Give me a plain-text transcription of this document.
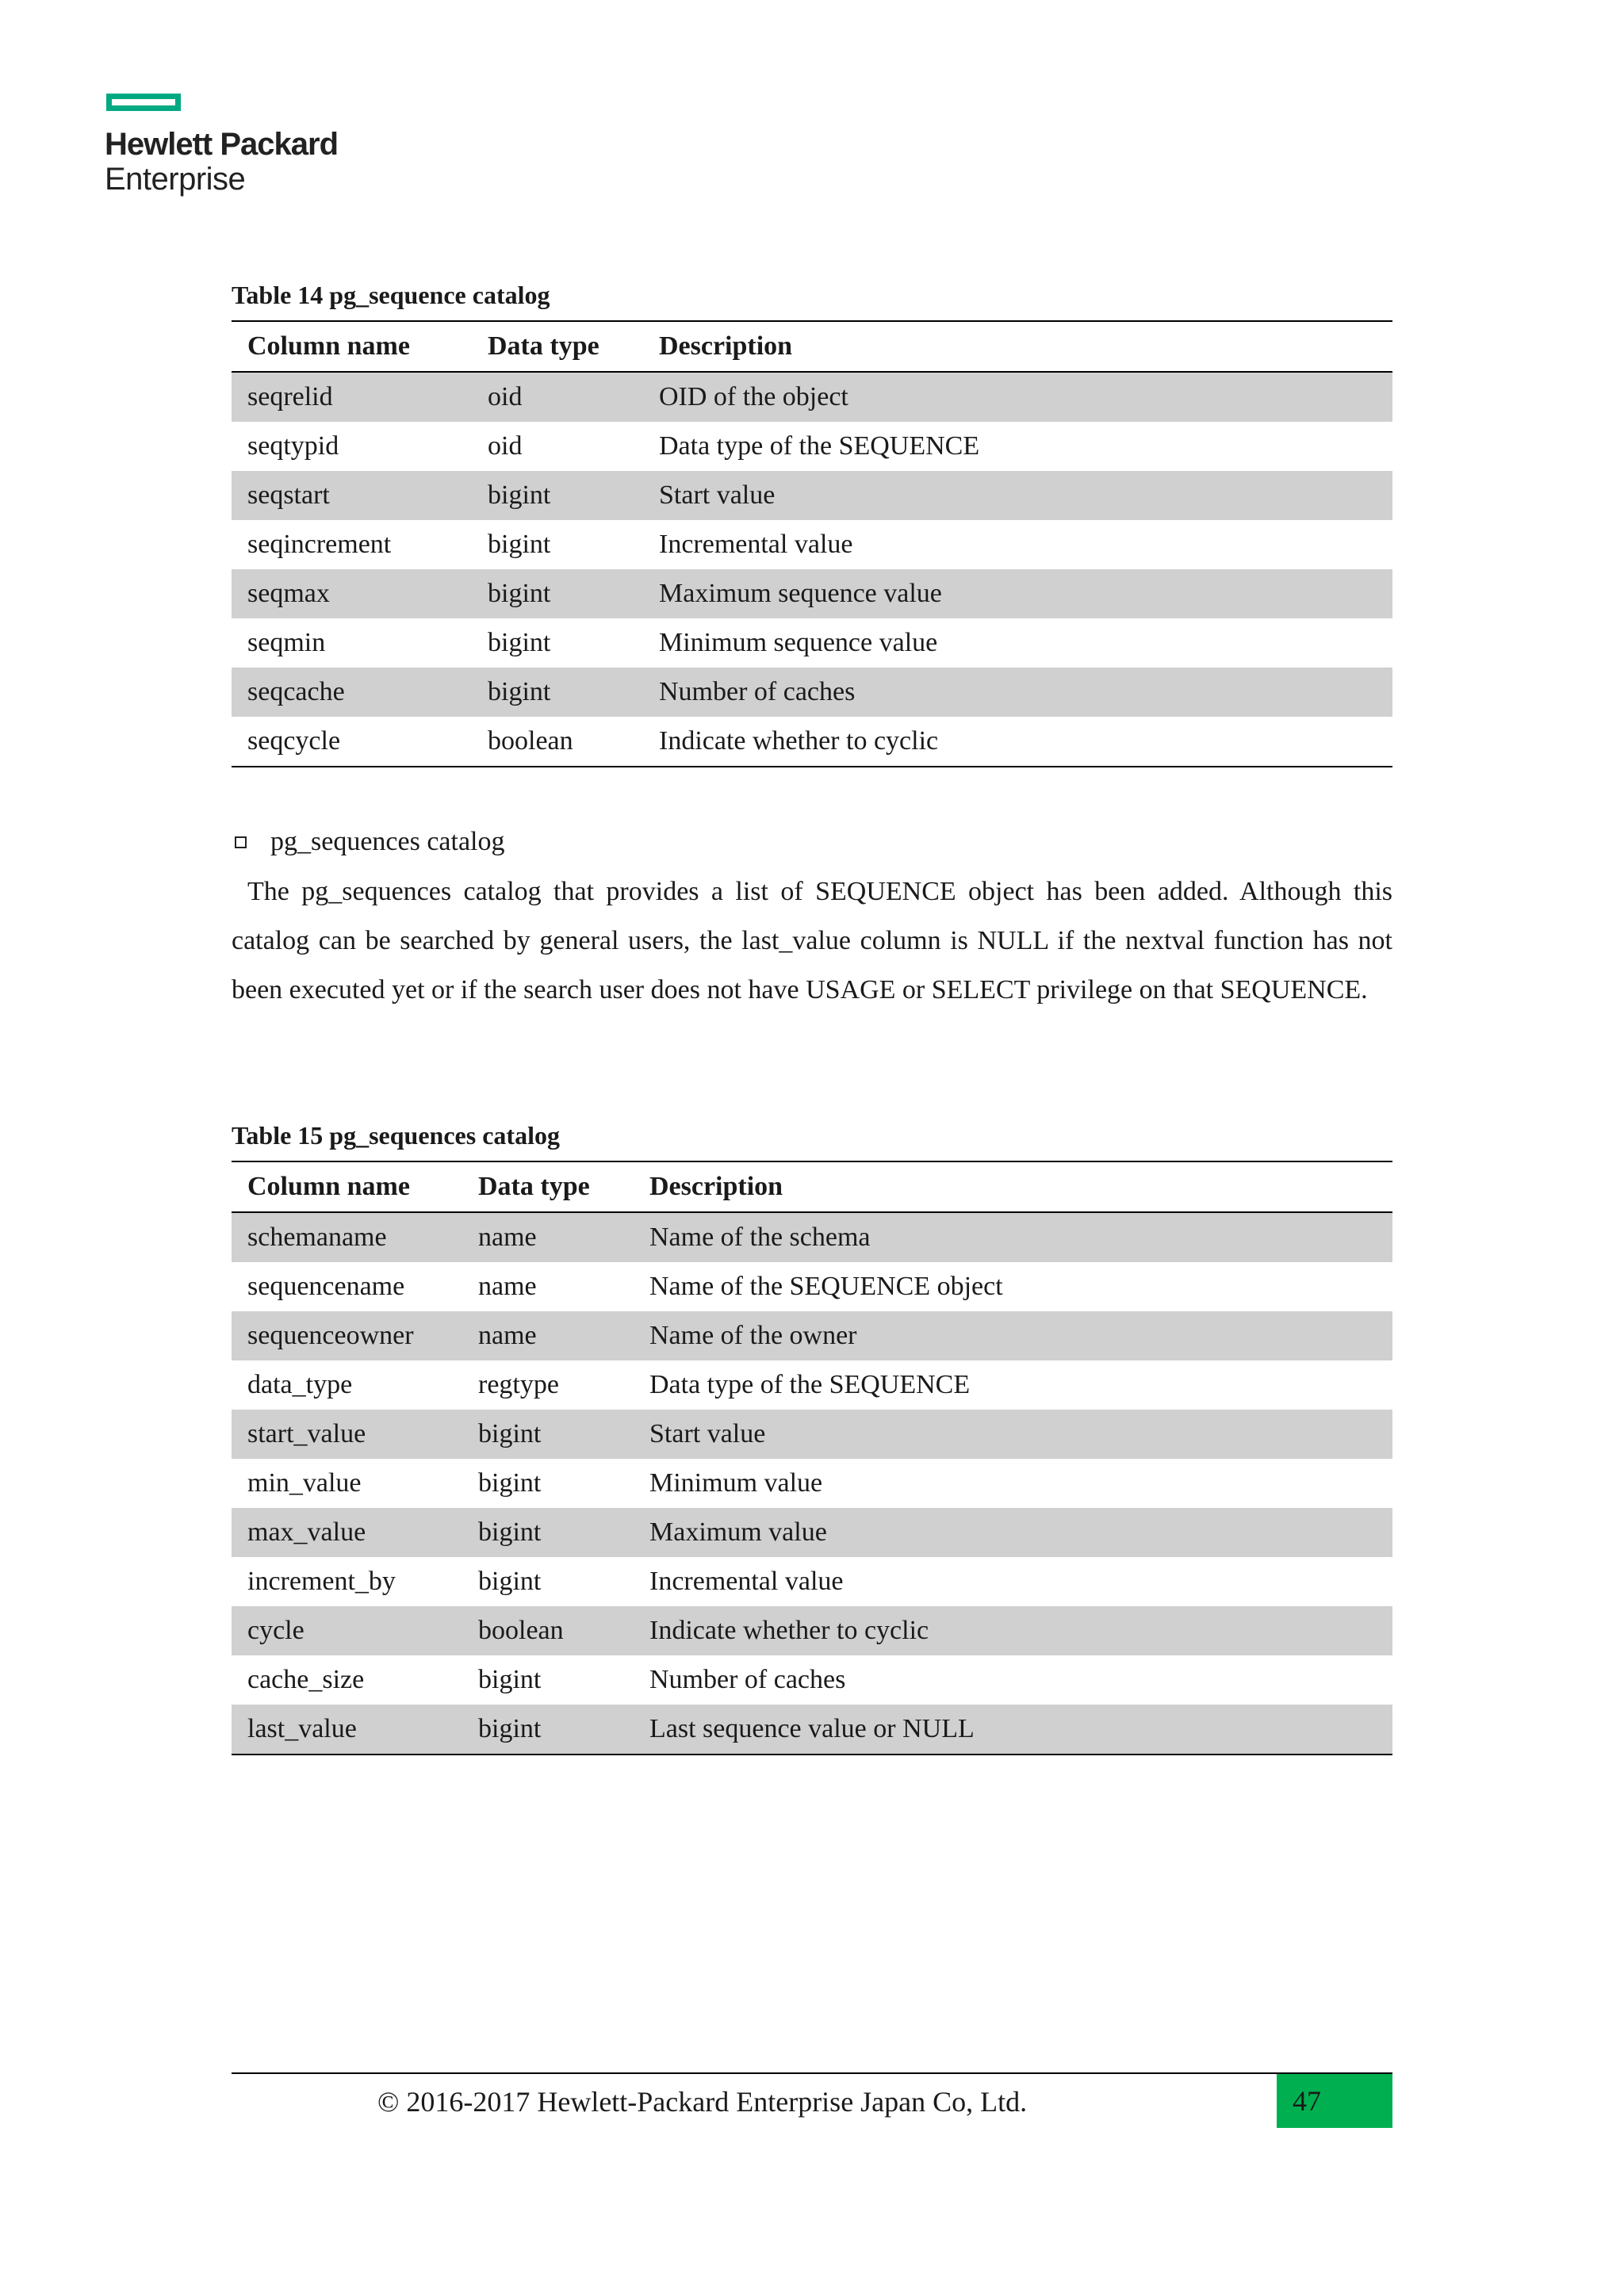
Hewlett Packard
Enterprise
Table 14 pg_sequence catalog
Column name	Data type	Description
seqrelid	oid	OID of the object
seqtypid	oid	Data type of the SEQUENCE
seqstart	bigint	Start value
seqincrement	bigint	Incremental value
seqmax	bigint	Maximum sequence value
seqmin	bigint	Minimum sequence value
seqcache	bigint	Number of caches
seqcycle	boolean	Indicate whether to cyclic
pg_sequences catalog

The pg_sequences catalog that provides a list of SEQUENCE object has been added. Although this catalog can be searched by general users, the last_value column is NULL if the nextval function has not been executed yet or if the search user does not have USAGE or SELECT privilege on that SEQUENCE.

Table 15 pg_sequences catalog
Column name	Data type	Description
schemaname	name	Name of the schema
sequencename	name	Name of the SEQUENCE object
sequenceowner	name	Name of the owner
data_type	regtype	Data type of the SEQUENCE
start_value	bigint	Start value
min_value	bigint	Minimum value
max_value	bigint	Maximum value
increment_by	bigint	Incremental value
cycle	boolean	Indicate whether to cyclic
cache_size	bigint	Number of caches
last_value	bigint	Last sequence value or NULL
© 2016-2017 Hewlett-Packard Enterprise Japan Co, Ltd.	47
